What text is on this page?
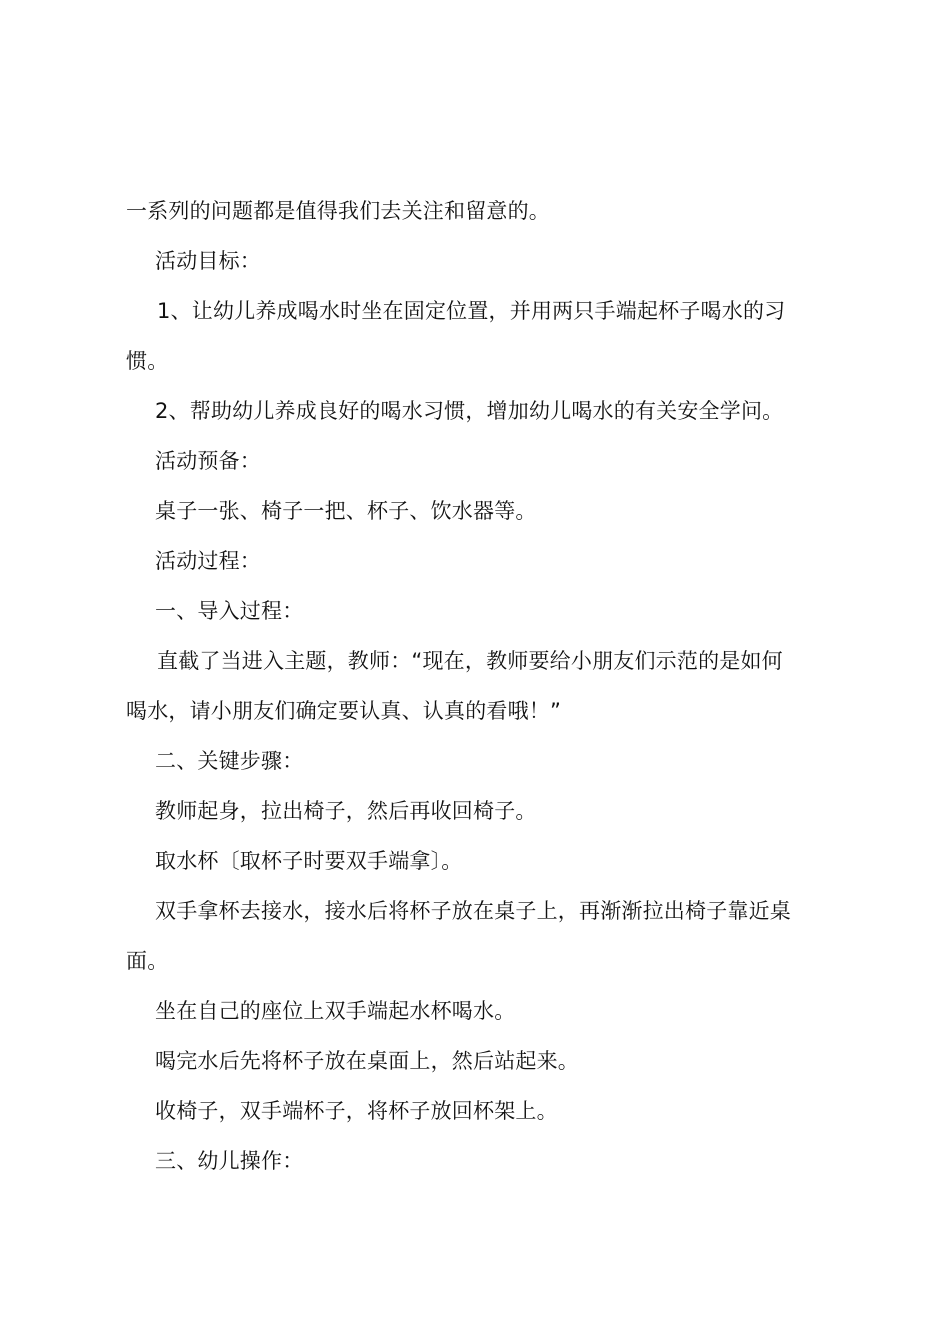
一系列的问题都是值得我们去关注和留意的。
活动目标：
1、让幼儿养成喝水时坐在固定位置，并用两只手端起杯子喝水的习
惯。
2、帮助幼儿养成良好的喝水习惯，增加幼儿喝水的有关安全学问。
活动预备：
桌子一张、椅子一把、杯子、饮水器等。
活动过程：
一、导入过程：
直截了当进入主题，教师：“现在，教师要给小朋友们示范的是如何
喝水，请小朋友们确定要认真、认真的看哦！”
二、关键步骤：
教师起身，拉出椅子，然后再收回椅子。
取水杯〔取杯子时要双手端拿〕。
双手拿杯去接水，接水后将杯子放在桌子上，再渐渐拉出椅子靠近桌
面。
坐在自己的座位上双手端起水杯喝水。
喝完水后先将杯子放在桌面上，然后站起来。
收椅子，双手端杯子，将杯子放回杯架上。
三、幼儿操作：
